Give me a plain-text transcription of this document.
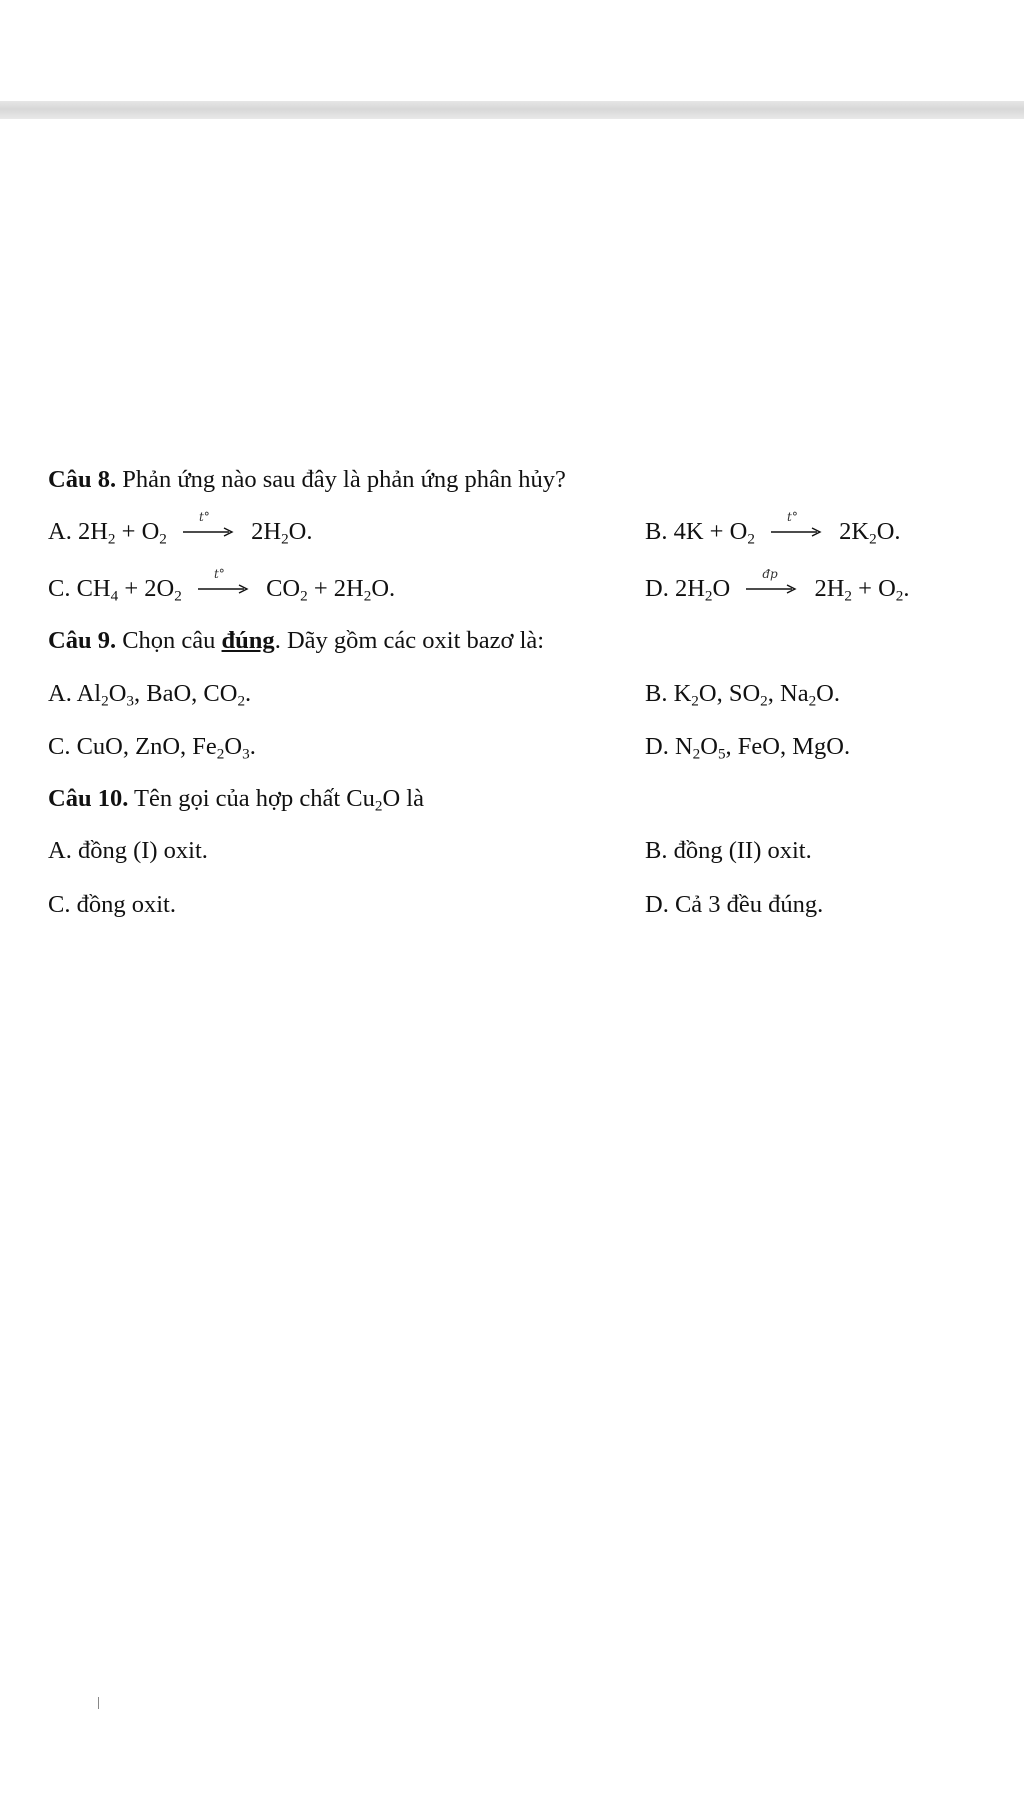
Câu 8. Phản ứng nào sau đây là phản ứng phân hủy?
A. $2H_2 + O_2$
t°
$2H_2O$.	B. $4K + O_2$
t°
$2K_2O$.
C. $CH_4 + 2O_2$
t°
$CO_2 + 2H_2O$.	D. $2H_2O$
đp
$2H_2 + O_2$.
Câu 9. Chọn câu đúng. Dãy gồm các oxit bazơ là:
A. $Al_2O_3$, BaO, $CO_2$.	B. $K_2O$, $SO_2$, $Na_2O$.
C. CuO, ZnO, $Fe_2O_3$.	D. $N_2O_5$, FeO, MgO.
Câu 10. Tên gọi của hợp chất $Cu_2O$ là
A. đồng (I) oxit.	B. đồng (II) oxit.
C. đồng oxit.	D. Cả 3 đều đúng.
